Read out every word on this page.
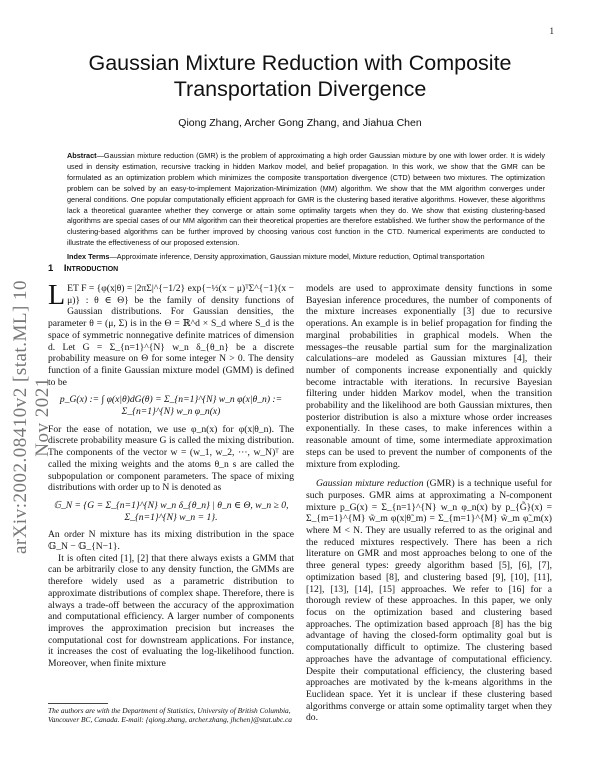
1
arXiv:2002.08410v2 [stat.ML] 10 Nov 2021
Gaussian Mixture Reduction with Composite
Transportation Divergence
Qiong Zhang, Archer Gong Zhang, and Jiahua Chen
Abstract—Gaussian mixture reduction (GMR) is the problem of approximating a high order Gaussian mixture by one with lower order. It is widely used in density estimation, recursive tracking in hidden Markov model, and belief propagation. In this work, we show that the GMR can be formulated as an optimization problem which minimizes the composite transportation divergence (CTD) between two mixtures. The optimization problem can be solved by an easy-to-implement Majorization-Minimization (MM) algorithm. We show that the MM algorithm converges under general conditions. One popular computationally efficient approach for GMR is the clustering based iterative algorithms. However, these algorithms lack a theoretical guarantee whether they converge or attain some optimality targets when they do. We show that existing clustering-based algorithms are special cases of our MM algorithm can their theoretical properties are therefore established. We further show the performance of the clustering-based algorithms can be further improved by choosing various cost function in the CTD. Numerical experiments are conducted to illustrate the effectiveness of our proposed extension.
Index Terms—Approximate inference, Density approximation, Gaussian mixture model, Mixture reduction, Optimal transportation
1 Introduction

LET F = {φ(x|θ) = |2πΣ|^{−1/2} exp{−½(x − μ)ᵀΣ^{−1}(x − μ)} : θ ∈ Θ} be the family of density functions of Gaussian distributions. For Gaussian densities, the parameter θ = (μ, Σ) is in the Θ = ℝ^d × S_d where S_d is the space of symmetric nonnegative definite matrices of dimension d. Let G = Σ_{n=1}^{N} w_n δ_{θ_n} be a discrete probability measure on Θ for some integer N > 0. The density function of a finite Gaussian mixture model (GMM) is defined to be

p_G(x) := ∫ φ(x|θ)dG(θ) = Σ_{n=1}^{N} w_n φ(x|θ_n) := Σ_{n=1}^{N} w_n φ_n(x)

For the ease of notation, we use φ_n(x) for φ(x|θ_n). The discrete probability measure G is called the mixing distribution. The components of the vector w = (w_1, w_2, ···, w_N)ᵀ are called the mixing weights and the atoms θ_n s are called the subpopulation or component parameters. The space of mixing distributions with order up to N is denoted as

𝔾_N = {G = Σ_{n=1}^{N} w_n δ_{θ_n} | θ_n ∈ Θ, w_n ≥ 0, Σ_{n=1}^{N} w_n = 1}.

An order N mixture has its mixing distribution in the space 𝔾_N − 𝔾_{N−1}.

It is often cited [1], [2] that there always exists a GMM that can be arbitrarily close to any density function, the GMMs are therefore widely used as a parametric distribution to approximate distributions of complex shape. Therefore, there is always a trade-off between the accuracy of the approximation and computational efficiency. A larger number of components improves the approximation precision but increases the computational cost for downstream applications. For instance, it increases the cost of evaluating the log-likelihood function. Moreover, when finite mixture

The authors are with the Department of Statistics, University of British Columbia, Vancouver BC, Canada. E-mail: {qiong.zhang, archer.zhang, jhchen}@stat.ubc.ca

models are used to approximate density functions in some Bayesian inference procedures, the number of components of the mixture increases exponentially [3] due to recursive operations. An example is in belief propagation for finding the marginal probabilities in graphical models. When the messages–the reusable partial sum for the marginalization calculations–are modeled as Gaussian mixtures [4], their number of components increase exponentially and quickly become intractable with iterations. In recursive Bayesian filtering under hidden Markov model, when the transition probability and the likelihood are both Gaussian mixtures, then posterior distribution is also a mixture whose order increases exponentially. In these cases, to make inferences within a reasonable amount of time, some intermediate approximation steps can be used to prevent the number of components of the mixture from exploding.

Gaussian mixture reduction (GMR) is a technique useful for such purposes. GMR aims at approximating a N-component mixture p_G(x) = Σ_{n=1}^{N} w_n φ_n(x) by p_{G̃}(x) = Σ_{m=1}^{M} w̃_m φ(x|θ̃_m) = Σ_{m=1}^{M} w̃_m φ̃_m(x) where M < N. They are usually referred to as the original and the reduced mixtures respectively. There has been a rich literature on GMR and most approaches belong to one of the three general types: greedy algorithm based [5], [6], [7], optimization based [8], and clustering based [9], [10], [11], [12], [13], [14], [15] approaches. We refer to [16] for a thorough review of these approaches. In this paper, we only focus on the optimization based and clustering based approaches. The optimization based approach [8] has the big advantage of having the closed-form optimality goal but is computationally difficult to optimize. The clustering based approaches have the advantage of computational efficiency. Despite their computational efficiency, the clustering based approaches are motivated by the k-means algorithms in the Euclidean space. Yet it is unclear if these clustering based algorithms converge or attain some optimality target when they do.
